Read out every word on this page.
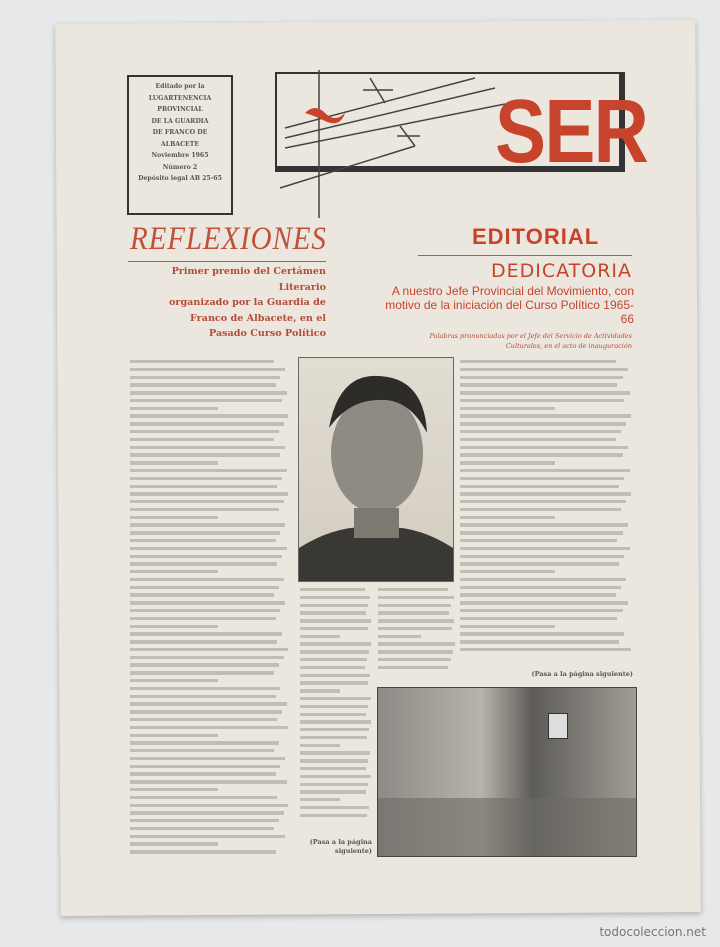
Editado por la
LUGARTENENCIA
PROVINCIAL
DE LA GUARDIA
DE FRANCO DE
ALBACETE
Noviembre 1965
Número 2
Depósito legal AB 25-65	SER
REFLEXIONES
Primer premio del Certámen Literario
organizado por la Guardia de
Franco de Albacete, en el
Pasado Curso Político
EDITORIAL
DEDICATORIA
A nuestro Jefe Provincial del Movimiento, con motivo de la iniciación del Curso Político 1965-66
Palabras pronunciadas por el Jefe del Servicio de Actividades Culturales, en el acto de inauguración
(Pasa a la página siguiente)
(Pasa a la página siguiente)
todocoleccion.net
